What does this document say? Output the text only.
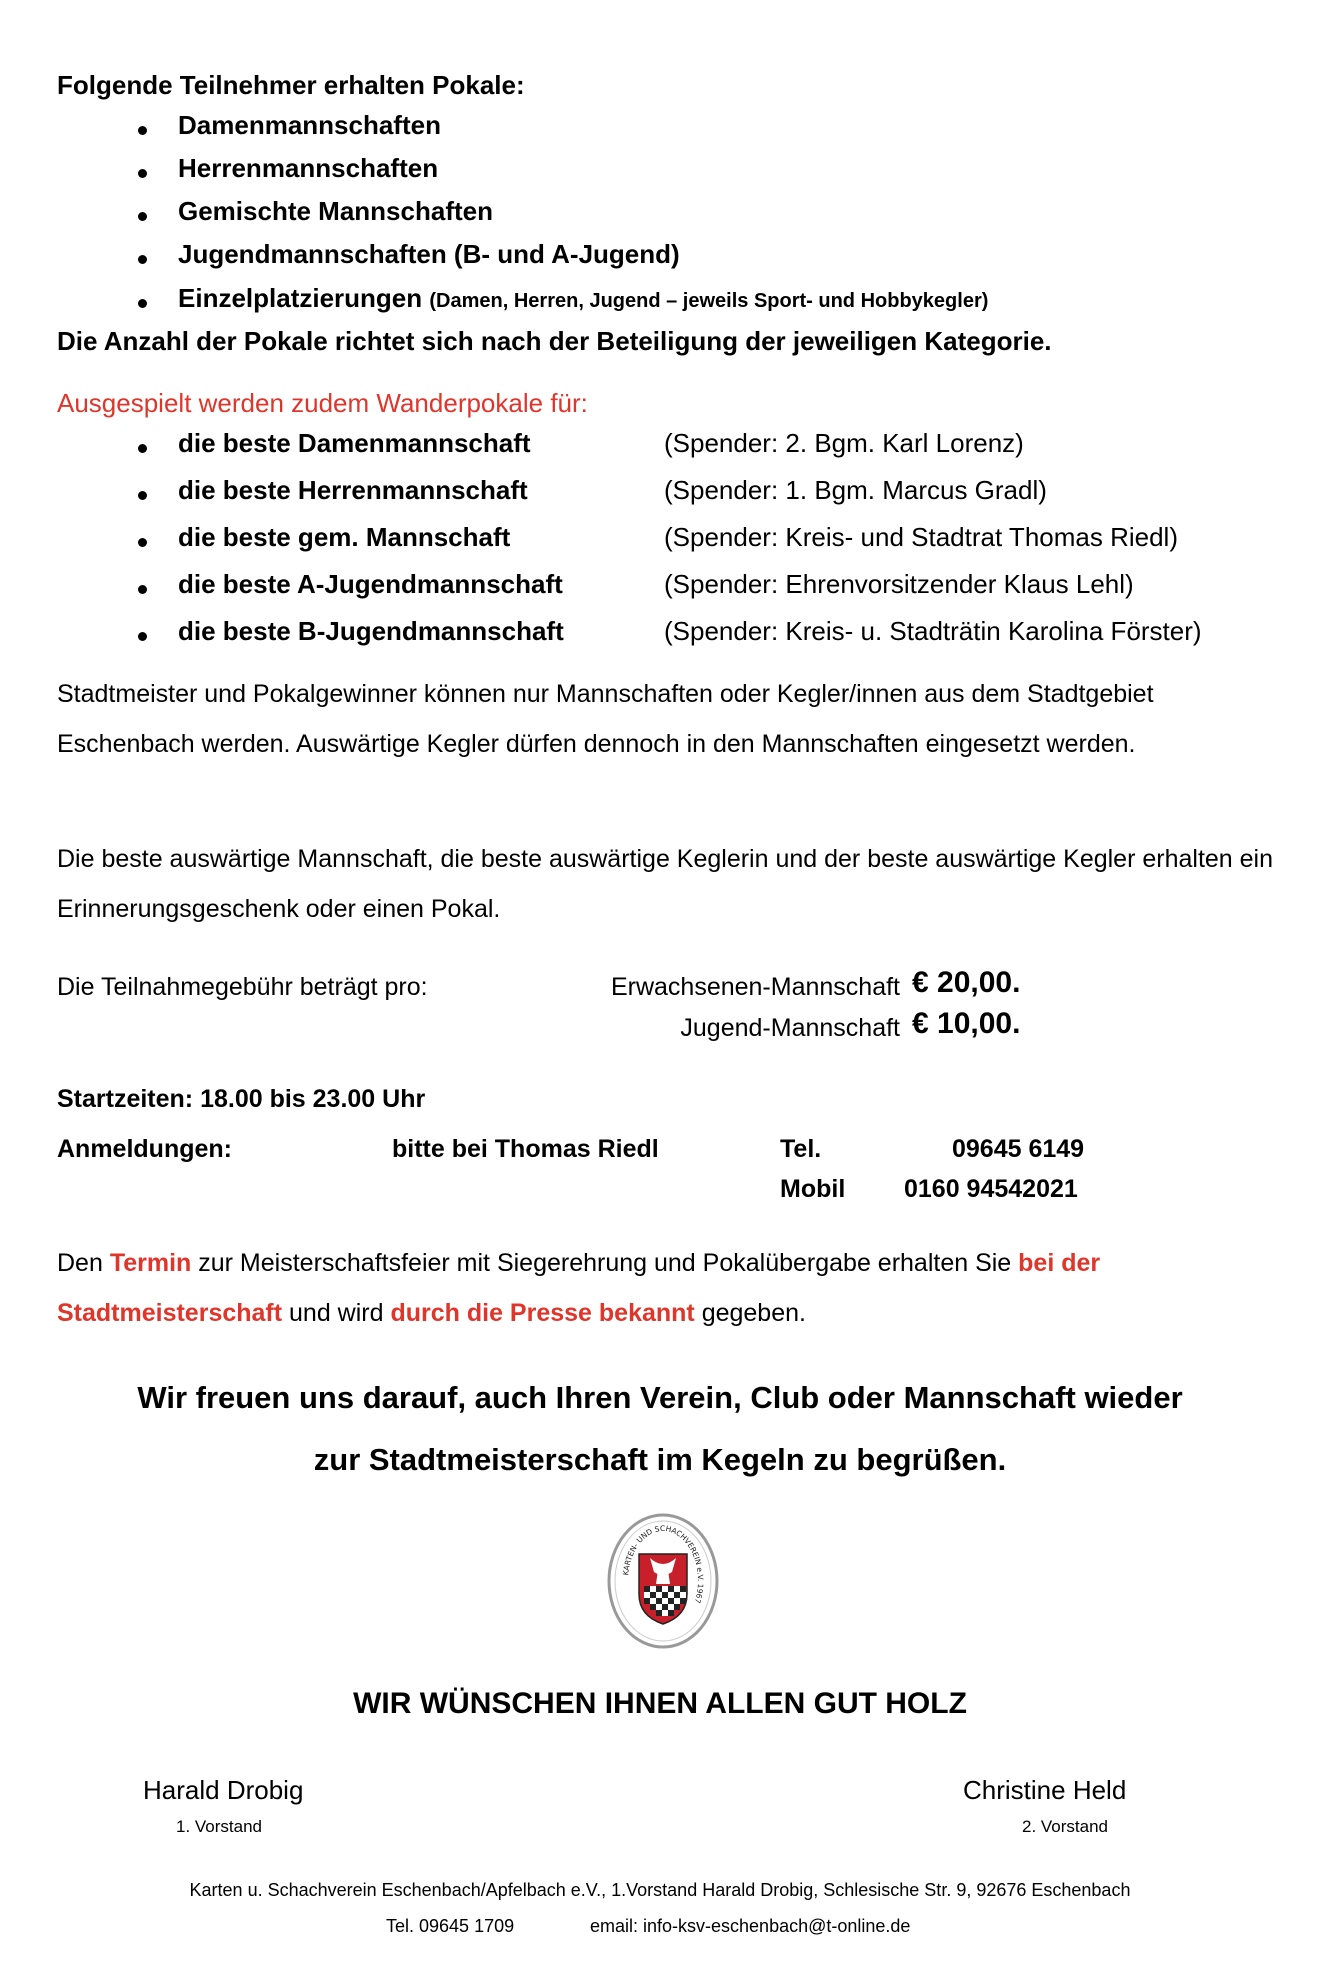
Folgende Teilnehmer erhalten Pokale:
Damenmannschaften
Herrenmannschaften
Gemischte Mannschaften
Jugendmannschaften (B- und A-Jugend)
Einzelplatzierungen (Damen, Herren, Jugend – jeweils Sport- und Hobbykegler)
Die Anzahl der Pokale richtet sich nach der Beteiligung der jeweiligen Kategorie.
Ausgespielt werden zudem Wanderpokale für:
die beste Damenmannschaft	(Spender: 2. Bgm. Karl Lorenz)
die beste Herrenmannschaft	(Spender: 1. Bgm. Marcus Gradl)
die beste gem. Mannschaft	(Spender: Kreis- und Stadtrat Thomas Riedl)
die beste A-Jugendmannschaft	(Spender: Ehrenvorsitzender Klaus Lehl)
die beste B-Jugendmannschaft	(Spender: Kreis- u. Stadträtin Karolina Förster)
Stadtmeister und Pokalgewinner können nur Mannschaften oder Kegler/innen aus dem Stadtgebiet Eschenbach werden. Auswärtige Kegler dürfen dennoch in den Mannschaften eingesetzt werden.
Die beste auswärtige Mannschaft, die beste auswärtige Keglerin und der beste auswärtige Kegler erhalten ein Erinnerungsgeschenk oder einen Pokal.
Die Teilnahmegebühr beträgt pro:	Erwachsenen-Mannschaft € 20,00.
Jugend-Mannschaft € 10,00.
Startzeiten: 18.00 bis 23.00 Uhr
Anmeldungen:	bitte bei Thomas Riedl	Tel.	09645 6149
Mobil 0160 94542021
Den Termin zur Meisterschaftsfeier mit Siegerehrung und Pokalübergabe erhalten Sie bei der Stadtmeisterschaft und wird durch die Presse bekannt gegeben.
Wir freuen uns darauf, auch Ihren Verein, Club oder Mannschaft wieder
zur Stadtmeisterschaft im Kegeln zu begrüßen.
KARTEN- UND SCHACHVEREIN e.V. 1967
WIR WÜNSCHEN IHNEN ALLEN GUT HOLZ
Harald Drobig
1. Vorstand
Christine Held
2. Vorstand
Karten u. Schachverein Eschenbach/Apfelbach e.V., 1.Vorstand Harald Drobig, Schlesische Str. 9, 92676 Eschenbach
Tel. 09645 1709	email: info-ksv-eschenbach@t-online.de
